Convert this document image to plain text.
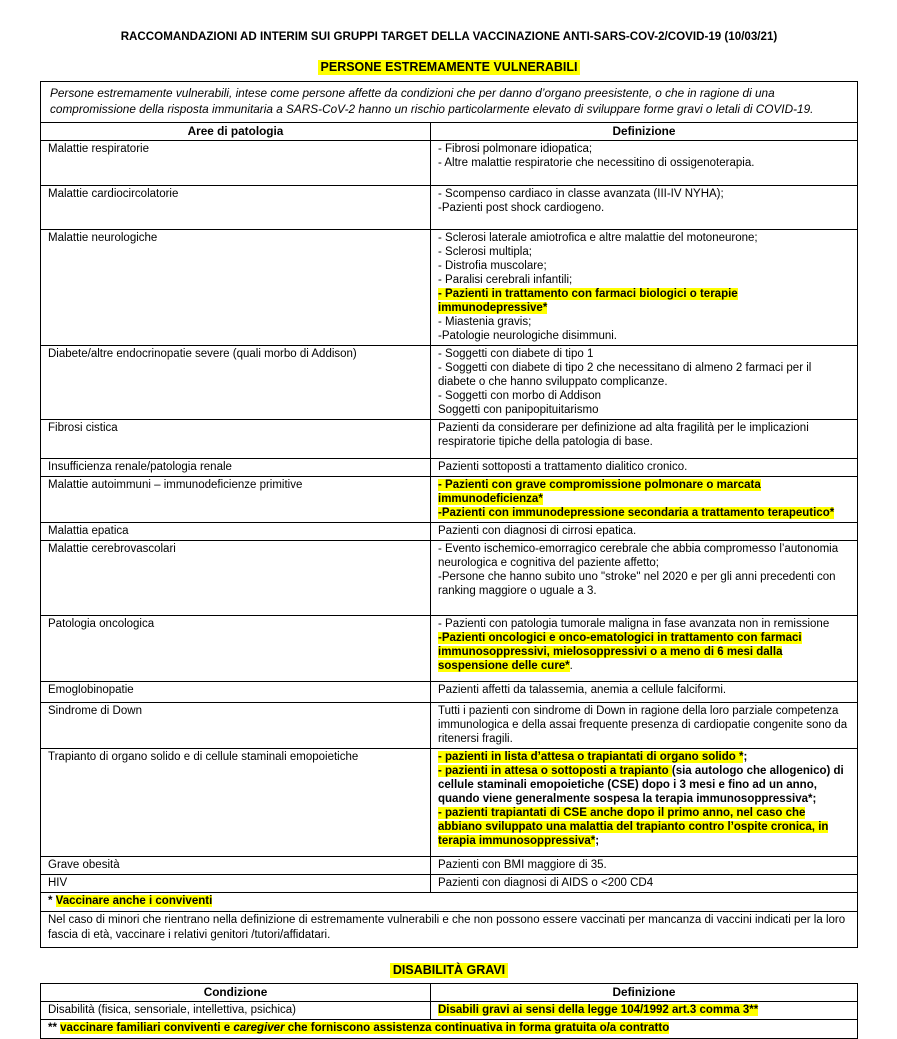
RACCOMANDAZIONI AD INTERIM SUI GRUPPI TARGET DELLA VACCINAZIONE ANTI-SARS-COV-2/COVID-19 (10/03/21)
PERSONE ESTREMAMENTE VULNERABILI
Persone estremamente vulnerabili, intese come persone affette da condizioni che per danno d’organo preesistente, o che in ragione di una compromissione della risposta immunitaria a SARS-CoV-2 hanno un rischio particolarmente elevato di sviluppare forme gravi o letali di COVID-19.	
Aree di patologia	Definizione
Malattie respiratorie	- Fibrosi polmonare idiopatica;
- Altre malattie respiratorie che necessitino di ossigenoterapia.

Malattie cardiocircolatorie	- Scompenso cardiaco in classe avanzata (III-IV NYHA);
-Pazienti post shock cardiogeno.

Malattie neurologiche	- Sclerosi laterale amiotrofica e altre malattie del motoneurone;
- Sclerosi multipla;
- Distrofia muscolare;
- Paralisi cerebrali infantili;
- Pazienti in trattamento con farmaci biologici o terapie immunodepressive*
- Miastenia gravis;
-Patologie neurologiche disimmuni.

Diabete/altre endocrinopatie severe (quali morbo di Addison)	- Soggetti con diabete di tipo 1
- Soggetti con diabete di tipo 2 che necessitano di almeno 2 farmaci per il diabete o che hanno sviluppato complicanze.
- Soggetti con morbo di Addison
Soggetti con panipopituitarismo

Fibrosi cistica	Pazienti da considerare per definizione ad alta fragilità per le implicazioni respiratorie tipiche della patologia di base.

Insufficienza renale/patologia renale	Pazienti sottoposti a trattamento dialitico cronico.

Malattie autoimmuni – immunodeficienze primitive	- Pazienti con grave compromissione polmonare o marcata immunodeficienza*
-Pazienti con immunodepressione secondaria a trattamento terapeutico*

Malattia epatica	Pazienti con diagnosi di cirrosi epatica.

Malattie cerebrovascolari	- Evento ischemico-emorragico cerebrale che abbia compromesso l’autonomia neurologica e cognitiva del paziente affetto;
-Persone che hanno subito uno "stroke" nel 2020 e per gli anni precedenti con ranking maggiore o uguale a 3.

Patologia oncologica	- Pazienti con patologia tumorale maligna in fase avanzata non in remissione
-Pazienti oncologici e onco-ematologici in trattamento con farmaci immunosoppressivi, mielosoppressivi o a meno di 6 mesi dalla sospensione delle cure*.

Emoglobinopatie	Pazienti affetti da talassemia, anemia a cellule falciformi.

Sindrome di Down	Tutti i pazienti con sindrome di Down in ragione della loro parziale competenza immunologica e della assai frequente presenza di cardiopatie congenite sono da ritenersi fragili.

Trapianto di organo solido e di cellule staminali emopoietiche	- pazienti in lista d’attesa o trapiantati di organo solido *;
- pazienti in attesa o sottoposti a trapianto (sia autologo che allogenico) di cellule staminali emopoietiche (CSE) dopo i 3 mesi e fino ad un anno, quando viene generalmente sospesa la terapia immunosoppressiva*;
- pazienti trapiantati di CSE anche dopo il primo anno, nel caso che abbiano sviluppato una malattia del trapianto contro l’ospite cronica, in terapia immunosoppressiva*;

Grave obesità	Pazienti con BMI maggiore di 35.

HIV	Pazienti con diagnosi di AIDS o <200 CD4

* Vaccinare anche i conviventi	
Nel caso di minori che rientrano nella definizione di estremamente vulnerabili e che non possono essere vaccinati per mancanza di vaccini indicati per la loro fascia di età, vaccinare i relativi genitori /tutori/affidatari.	
DISABILITÀ GRAVI
Condizione	Definizione
Disabilità (fisica, sensoriale, intellettiva, psichica)	Disabili gravi ai sensi della legge 104/1992 art.3 comma 3**
** vaccinare familiari conviventi e caregiver che forniscono assistenza continuativa in forma gratuita o/a contratto	
